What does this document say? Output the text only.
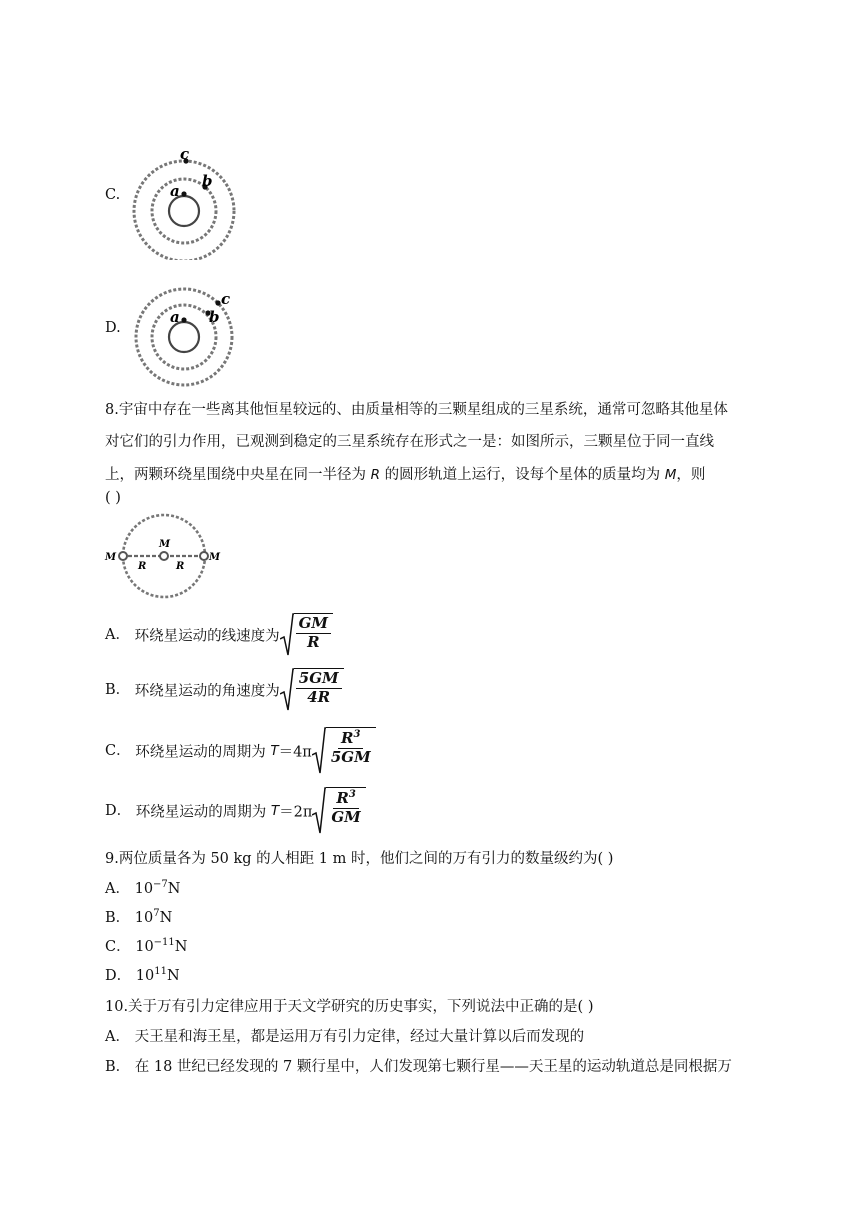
C.	a
b
c
D.
a b
c
8.宇宙中存在一些离其他恒星较远的、由质量相等的三颗星组成的三星系统，通常可忽略其他星体
对它们的引力作用，已观测到稳定的三星系统存在形式之一是：如图所示，三颗星位于同一直线
上，两颗环绕星围绕中央星在同一半径为 R 的圆形轨道上运行，设每个星体的质量均为 M，则
( )
M
M
M
R	R
A． 环绕星运动的线速度为 $\frac{GM}{R}$
B． 环绕星运动的角速度为 $\frac{5GM}{4R}$
C． 环绕星运动的周期为 $T=4\pi \frac{R^3}{5GM}$
D． 环绕星运动的周期为 $T=2\pi \frac{R^3}{GM}$
9.两位质量各为 50 kg 的人相距 1 m 时，他们之间的万有引力的数量级约为( )
A． $10^{-7}N$
B． $10^7N$
C． $10^{-11}N$
D． $10^{11}N$
10.关于万有引力定律应用于天文学研究的历史事实，下列说法中正确的是( )
A． 天王星和海王星，都是运用万有引力定律，经过大量计算以后而发现的
B． 在 18 世纪已经发现的 7 颗行星中，人们发现第七颗行星——天王星的运动轨道总是同根据万
